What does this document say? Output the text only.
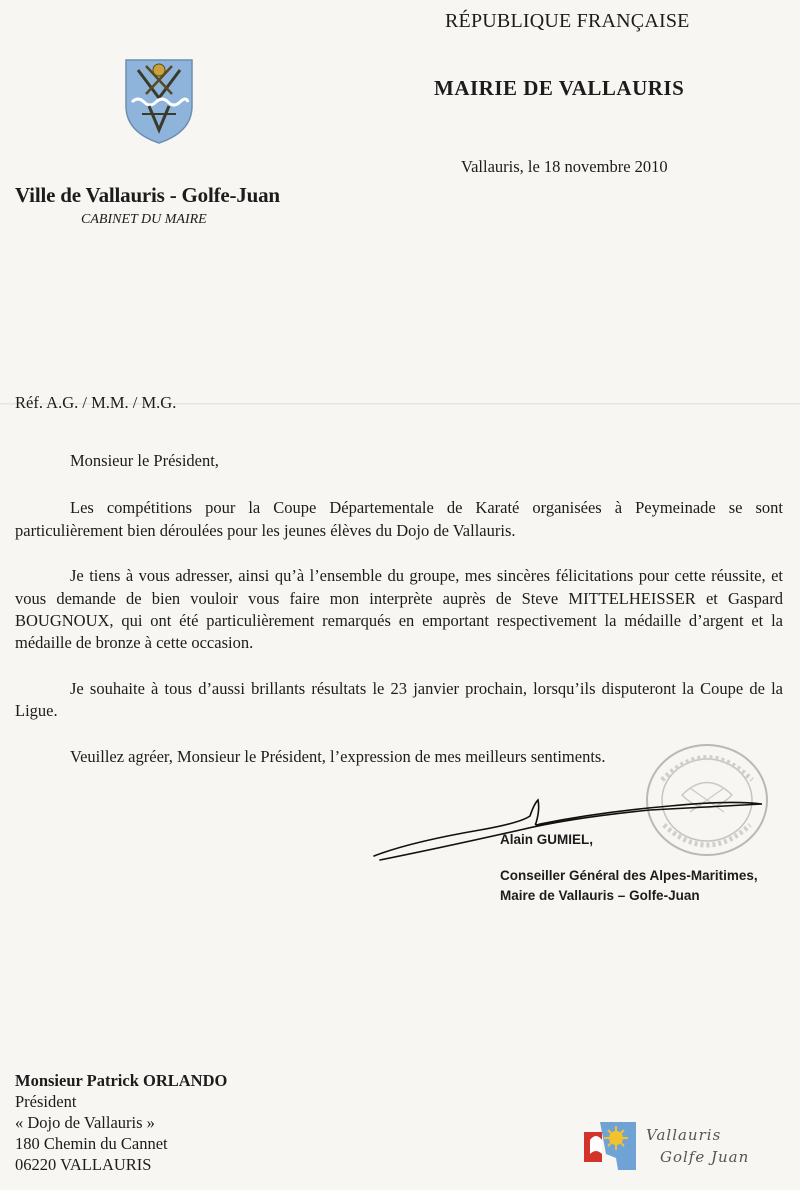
RÉPUBLIQUE FRANÇAISE

MAIRIE DE VALLAURIS

Vallauris, le 18 novembre 2010

Ville de Vallauris - Golfe-Juan

CABINET DU MAIRE

Réf. A.G. / M.M. / M.G.

Monsieur le Président,

Les compétitions pour la Coupe Départementale de Karaté organisées à Peymeinade se sont particulièrement bien déroulées pour les jeunes élèves du Dojo de Vallauris.

Je tiens à vous adresser, ainsi qu’à l’ensemble du groupe, mes sincères félicitations pour cette réussite, et vous demande de bien vouloir vous faire mon interprète auprès de Steve MITTELHEISSER et Gaspard BOUGNOUX, qui ont été particulièrement remarqués en emportant respectivement la médaille d’argent et la médaille de bronze à cette occasion.

Je souhaite à tous d’aussi brillants résultats le 23 janvier prochain, lorsqu’ils disputeront la Coupe de la Ligue.

Veuillez agréer, Monsieur le Président, l’expression de mes meilleurs sentiments.

Alain GUMIEL,

Conseiller Général des Alpes-Maritimes,
Maire de Vallauris – Golfe-Juan
Monsieur Patrick ORLANDO
Président
« Dojo de Vallauris »
180 Chemin du Cannet
06220 VALLAURIS
Vallauris
Golfe Juan
